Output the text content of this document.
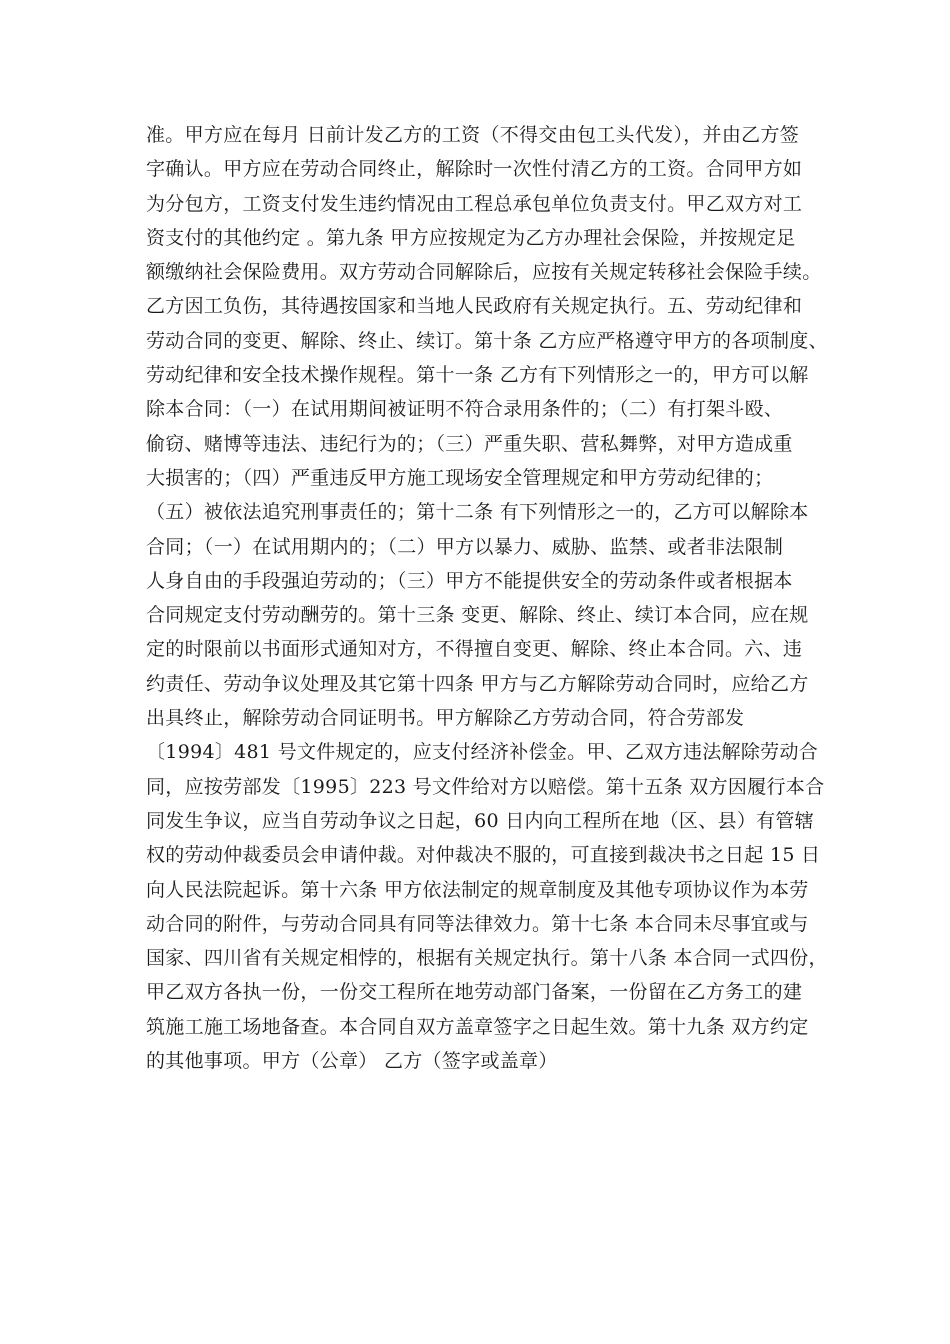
准。甲方应在每月 日前计发乙方的工资（不得交由包工头代发），并由乙方签
字确认。甲方应在劳动合同终止，解除时一次性付清乙方的工资。合同甲方如
为分包方，工资支付发生违约情况由工程总承包单位负责支付。甲乙双方对工
资支付的其他约定 。第九条 甲方应按规定为乙方办理社会保险，并按规定足
额缴纳社会保险费用。双方劳动合同解除后，应按有关规定转移社会保险手续。
乙方因工负伤，其待遇按国家和当地人民政府有关规定执行。五、劳动纪律和
劳动合同的变更、解除、终止、续订。第十条 乙方应严格遵守甲方的各项制度、
劳动纪律和安全技术操作规程。第十一条 乙方有下列情形之一的，甲方可以解
除本合同：（一）在试用期间被证明不符合录用条件的；（二）有打架斗殴、
偷窃、赌博等违法、违纪行为的；（三）严重失职、营私舞弊，对甲方造成重
大损害的；（四）严重违反甲方施工现场安全管理规定和甲方劳动纪律的；
（五）被依法追究刑事责任的；第十二条 有下列情形之一的，乙方可以解除本
合同；（一）在试用期内的；（二）甲方以暴力、威胁、监禁、或者非法限制
人身自由的手段强迫劳动的；（三）甲方不能提供安全的劳动条件或者根据本
合同规定支付劳动酬劳的。第十三条 变更、解除、终止、续订本合同，应在规
定的时限前以书面形式通知对方，不得擅自变更、解除、终止本合同。六、违
约责任、劳动争议处理及其它第十四条 甲方与乙方解除劳动合同时，应给乙方
出具终止，解除劳动合同证明书。甲方解除乙方劳动合同，符合劳部发
〔1994〕481 号文件规定的，应支付经济补偿金。甲、乙双方违法解除劳动合
同，应按劳部发〔1995〕223 号文件给对方以赔偿。第十五条 双方因履行本合
同发生争议，应当自劳动争议之日起，60 日内向工程所在地（区、县）有管辖
权的劳动仲裁委员会申请仲裁。对仲裁决不服的，可直接到裁决书之日起 15 日
向人民法院起诉。第十六条 甲方依法制定的规章制度及其他专项协议作为本劳
动合同的附件，与劳动合同具有同等法律效力。第十七条 本合同未尽事宜或与
国家、四川省有关规定相悖的，根据有关规定执行。第十八条 本合同一式四份，
甲乙双方各执一份，一份交工程所在地劳动部门备案，一份留在乙方务工的建
筑施工施工场地备查。本合同自双方盖章签字之日起生效。第十九条 双方约定
的其他事项。甲方（公章） 乙方（签字或盖章）
